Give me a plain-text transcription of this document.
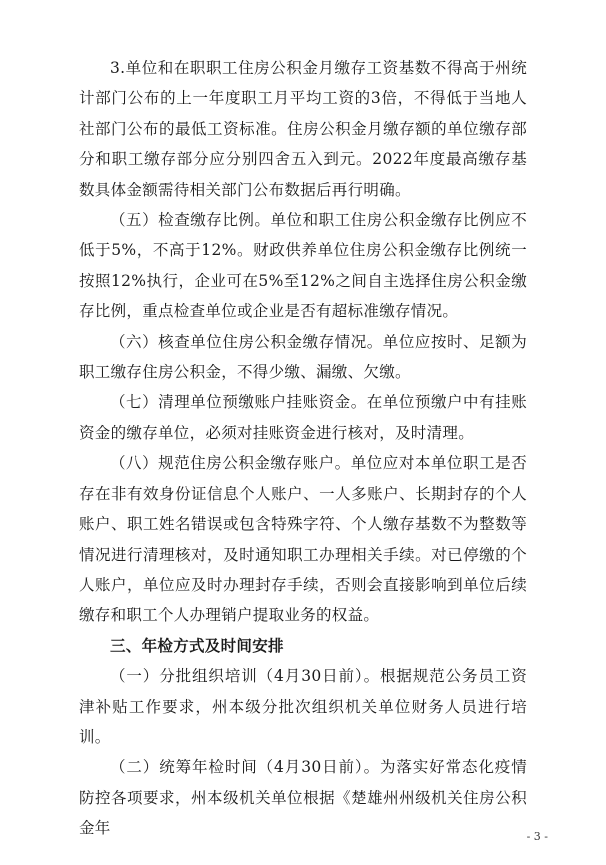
3.单位和在职职工住房公积金月缴存工资基数不得高于州统计部门公布的上一年度职工月平均工资的3倍，不得低于当地人社部门公布的最低工资标准。住房公积金月缴存额的单位缴存部分和职工缴存部分应分别四舍五入到元。2022年度最高缴存基数具体金额需待相关部门公布数据后再行明确。

（五）检查缴存比例。单位和职工住房公积金缴存比例应不低于5%，不高于12%。财政供养单位住房公积金缴存比例统一按照12%执行，企业可在5%至12%之间自主选择住房公积金缴存比例，重点检查单位或企业是否有超标准缴存情况。

（六）核查单位住房公积金缴存情况。单位应按时、足额为职工缴存住房公积金，不得少缴、漏缴、欠缴。

（七）清理单位预缴账户挂账资金。在单位预缴户中有挂账资金的缴存单位，必须对挂账资金进行核对，及时清理。

（八）规范住房公积金缴存账户。单位应对本单位职工是否存在非有效身份证信息个人账户、一人多账户、长期封存的个人账户、职工姓名错误或包含特殊字符、个人缴存基数不为整数等情况进行清理核对，及时通知职工办理相关手续。对已停缴的个人账户，单位应及时办理封存手续，否则会直接影响到单位后续缴存和职工个人办理销户提取业务的权益。

三、年检方式及时间安排

（一）分批组织培训（4月30日前）。根据规范公务员工资津补贴工作要求，州本级分批次组织机关单位财务人员进行培训。

（二）统筹年检时间（4月30日前）。为落实好常态化疫情防控各项要求，州本级机关单位根据《楚雄州州级机关住房公积金年	- 3 -
